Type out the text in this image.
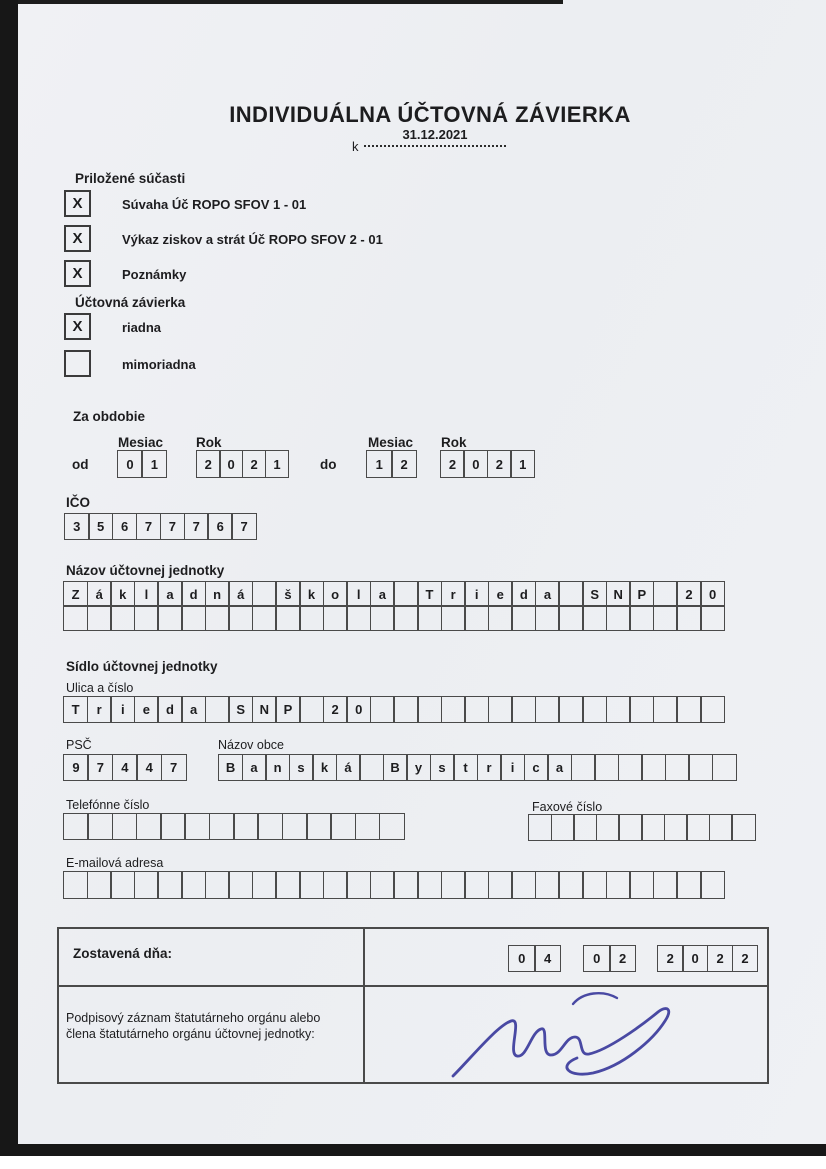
INDIVIDUÁLNA ÚČTOVNÁ ZÁVIERKA
k
31.12.2021
Priložené súčasti
X	Súvaha Úč ROPO SFOV 1 - 01
X	Výkaz ziskov a strát Úč ROPO SFOV 2 - 01
X	Poznámky
Účtovná závierka
X	riadna
mimoriadna
Za obdobie
Mesiac Rok	Mesiac Rok
od	0	1	2	0	2	1	do	1	2	2	0	2	1
IČO
3	5	6	7	7	7	6	7
Názov účtovnej jednotky
Z	á	k	l	a	d	n	á	š	k	o	l	a	T	r	i	e	d	a	S	N	P	2	0
Sídlo účtovnej jednotky
Ulica a číslo
T	r	i	e	d	a	S	N	P	2	0
PSČ
9	7	4	4	7
Názov obce
B	a	n	s	k	á	B	y	s	t	r	i	c	a
Telefónne číslo	Faxové číslo
E-mailová adresa
Zostavená dňa:	0	4	0	2	2	0	2	2
Podpisový záznam štatutárneho orgánu alebo
člena štatutárneho orgánu účtovnej jednotky:
